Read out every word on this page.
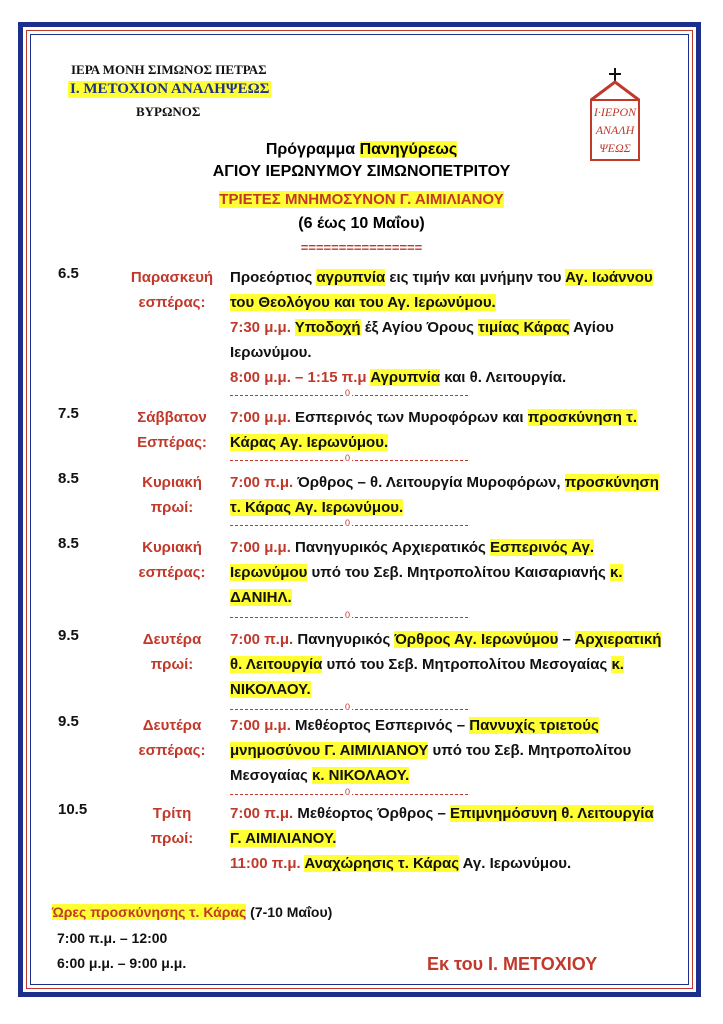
ΙΕΡΑ ΜΟΝΗ ΣΙΜΩΝΟΣ ΠΕΤΡΑΣ
Ι. ΜΕΤΟΧΙΟΝ ΑΝΑΛΗΨΕΩΣ
ΒΥΡΩΝΟΣ	Ι·ΙΕΡΟΝ
ΑΝΑΛΗ
ΨΕΩΣ
Πρόγραμμα Πανηγύρεως
ΑΓΙΟΥ ΙΕΡΩΝΥΜΟΥ ΣΙΜΩΝΟΠΕΤΡΙΤΟΥ
ΤΡΙΕΤΕΣ ΜΝΗΜΟΣΥΝΟΝ Γ. ΑΙΜΙΛΙΑΝΟΥ
(6 έως 10 Μαΐου)
================
6.5	Παρασκευή
εσπέρας:
Προεόρτιος αγρυπνία εις τιμήν και μνήμην του Αγ. Ιωάννου του Θεολόγου και του Αγ. Ιερωνύμου.
7:30 μ.μ. Υποδοχή έξ Αγίου Όρους τιμίας Κάρας Αγίου Ιερωνύμου.
8:00 μ.μ. – 1:15 π.μ Αγρυπνία και θ. Λειτουργία.
0
7.5	Σάββατον
Εσπέρας:
7:00 μ.μ. Εσπερινός των Μυροφόρων και προσκύνηση τ. Κάρας Αγ. Ιερωνύμου.
0
8.5	Κυριακή
πρωί:
7:00 π.μ. Όρθρος – θ. Λειτουργία Μυροφόρων, προσκύνηση τ. Κάρας Αγ. Ιερωνύμου.
0
8.5	Κυριακή
εσπέρας:
7:00 μ.μ. Πανηγυρικός Αρχιερατικός Εσπερινός Αγ. Ιερωνύμου υπό του Σεβ. Μητροπολίτου Καισαριανής κ. ΔΑΝΙΗΛ.
0
9.5	Δευτέρα
πρωί:
7:00 π.μ. Πανηγυρικός Όρθρος Αγ. Ιερωνύμου – Αρχιερατική θ. Λειτουργία υπό του Σεβ. Μητροπολίτου Μεσογαίας κ. ΝΙΚΟΛΑΟΥ.
0
9.5	Δευτέρα
εσπέρας:
7:00 μ.μ. Μεθέορτος Εσπερινός – Παννυχίς τριετούς μνημοσύνου Γ. ΑΙΜΙΛΙΑΝΟΥ υπό του Σεβ. Μητροπολίτου Μεσογαίας κ. ΝΙΚΟΛΑΟΥ.
0
10.5	Τρίτη
πρωί:
7:00 π.μ. Μεθέορτος Όρθρος – Επιμνημόσυνη θ. Λειτουργία Γ. ΑΙΜΙΛΙΑΝΟΥ.
11:00 π.μ. Αναχώρησις τ. Κάρας Αγ. Ιερωνύμου.
Ώρες προσκύνησης τ. Κάρας (7-10 Μαΐου)
7:00 π.μ. – 12:00
6:00 μ.μ. – 9:00 μ.μ.	Εκ του Ι. ΜΕΤΟΧΙΟΥ
